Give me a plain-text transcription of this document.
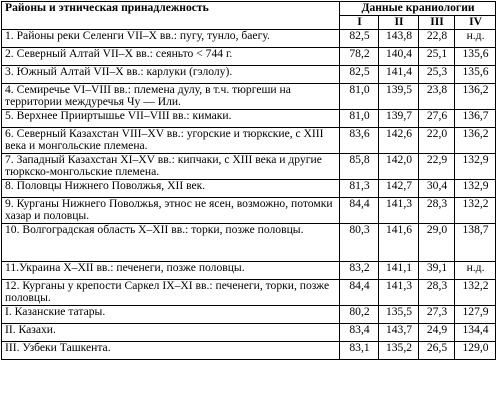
Районы и этническая принадлежность	Данные краниологии			
	I	II	III	IV
1. Районы реки Селенги VII–X вв.: пугу, тунло, баегу.	82,5	143,8	22,8	н.д.
2. Северный Алтай VII–X вв.: сеяньто < 744 г.	78,2	140,4	25,1	135,6
3. Южный Алтай VII–X вв.: карлуки (гэлолу).	82,5	141,4	25,3	135,6
4. Семиречье VI–VIII вв.: племена дулу, в т.ч. тюргеши на территории междуречья Чу — Или.	81,0	139,5	23,8	136,2
5. Верхнее Прииртышье VII–VIII вв.: кимаки.	81,0	139,7	27,6	136,7
6. Северный Казахстан VIII–XV вв.: угорские и тюркские, с XIII века и монгольские племена.	83,6	142,6	22,0	136,2
7. Западный Казахстан XI–XV вв.: кипчаки, с XIII века и другие тюркско-монгольские племена.	85,8	142,0	22,9	132,9
8. Половцы Нижнего Поволжья, XII век.	81,3	142,7	30,4	132,9
9. Курганы Нижнего Поволжья, этнос не ясен, возможно, потомки хазар и половцы.	84,4	141,3	28,3	132,2
10. Волгоградская область X–XII вв.: торки, позже половцы.	80,3	141,6	29,0	138,7
11.Украина X–XII вв.: печенеги, позже половцы.	83,2	141,1	39,1	н.д.
12. Курганы у крепости Саркел IX–XI вв.: печенеги, торки, позже половцы.	84,4	141,3	28,3	132,2
I. Казанские татары.	80,2	135,5	27,3	127,9
II. Казахи.	83,4	143,7	24,9	134,4
III. Узбеки Ташкента.	83,1	135,2	26,5	129,0
